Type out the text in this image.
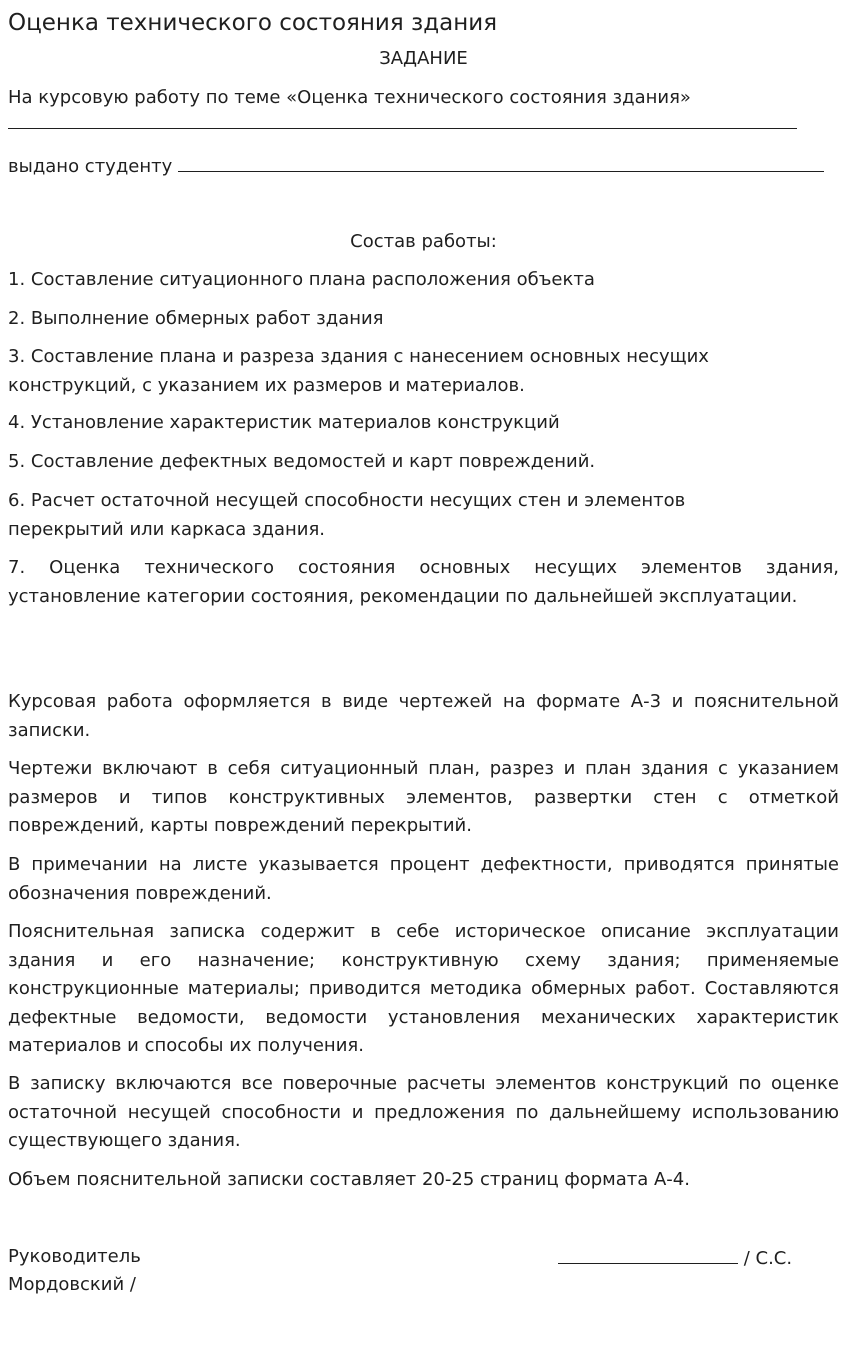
Оценка технического состояния здания

ЗАДАНИЕ

На курсовую работу по теме «Оценка технического состояния здания»

выдано студенту

Состав работы:

1. Составление ситуационного плана расположения объекта

2. Выполнение обмерных работ здания

3. Составление плана и разреза здания с нанесением основных несущих конструкций, с указанием их размеров и материалов.

4. Установление характеристик материалов конструкций

5. Составление дефектных ведомостей и карт повреждений.

6. Расчет остаточной несущей способности несущих стен и элементов перекрытий или каркаса здания.

7. Оценка технического состояния основных несущих элементов здания, установление категории состояния, рекомендации по дальнейшей эксплуатации.

Курсовая работа оформляется в виде чертежей на формате А-3 и пояснительной записки.

Чертежи включают в себя ситуационный план, разрез и план здания с указанием размеров и типов конструктивных элементов, развертки стен с отметкой повреждений, карты повреждений перекрытий.

В примечании на листе указывается процент дефектности, приводятся принятые обозначения повреждений.

Пояснительная записка содержит в себе историческое описание эксплуатации здания и его назначение; конструктивную схему здания; применяемые конструкционные материалы; приводится методика обмерных работ. Составляются дефектные ведомости, ведомости установления механических характеристик материалов и способы их получения.

В записку включаются все поверочные расчеты элементов конструкций по оценке остаточной несущей способности и предложения по дальнейшему использованию существующего здания.

Объем пояснительной записки составляет 20-25 страниц формата А-4.

Руководитель	/ С.С.

Мордовский /
